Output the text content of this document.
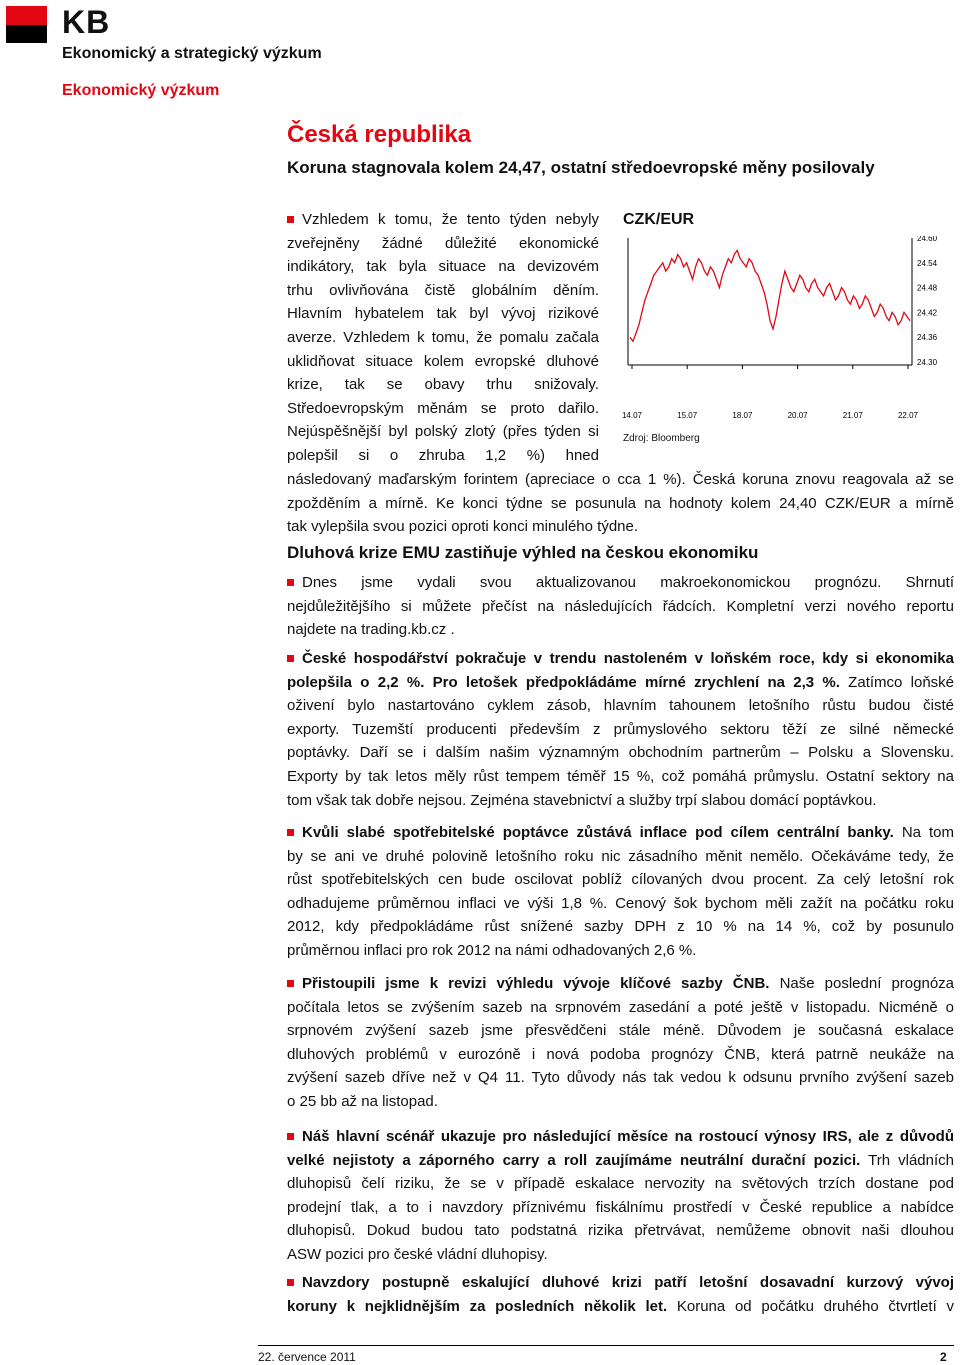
KB
Ekonomický a strategický výzkum
Ekonomický výzkum
Česká republika
Koruna stagnovala kolem 24,47, ostatní středoevropské měny posilovaly
Vzhledem k tomu, že tento týden nebyly
zveřejněny žádné důležité ekonomické
indikátory, tak byla situace na devizovém
trhu ovlivňována čistě globálním děním.
Hlavním hybatelem tak byl vývoj rizikové
averze. Vzhledem k tomu, že pomalu začala
uklidňovat situace kolem evropské dluhové
krize, tak se obavy trhu snižovaly.
Středoevropským měnám se proto dařilo.
Nejúspěšnější byl polský zlotý (přes týden si
polepšil si o zhruba 1,2 %) hned
následovaný maďarským forintem (apreciace o cca 1 %). Česká koruna znovu reagovala až se
zpožděním a mírně. Ke konci týdne se posunula na hodnoty kolem 24,40 CZK/EUR a mírně
tak vylepšila svou pozici oproti konci minulého týdne.
CZK/EUR
24.60
24.54
24.48
24.42
24.36
24.30
14.07	15.07	18.07	20.07	21.07	22.07
Zdroj: Bloomberg
Dluhová krize EMU zastiňuje výhled na českou ekonomiku
Dnes jsme vydali svou aktualizovanou makroekonomickou prognózu. Shrnutí
nejdůležitějšího si můžete přečíst na následujících řádcích. Kompletní verzi nového reportu
najdete na trading.kb.cz .
České hospodářství pokračuje v trendu nastoleném v loňském roce, kdy si ekonomika
polepšila o 2,2 %. Pro letošek předpokládáme mírné zrychlení na 2,3 %. Zatímco loňské
oživení bylo nastartováno cyklem zásob, hlavním tahounem letošního růstu budou čisté
exporty. Tuzemští producenti především z průmyslového sektoru těží ze silné německé
poptávky. Daří se i dalším našim významným obchodním partnerům – Polsku a Slovensku.
Exporty by tak letos měly růst tempem téměř 15 %, což pomáhá průmyslu. Ostatní sektory na
tom však tak dobře nejsou. Zejména stavebnictví a služby trpí slabou domácí poptávkou.
Kvůli slabé spotřebitelské poptávce zůstává inflace pod cílem centrální banky. Na tom
by se ani ve druhé polovině letošního roku nic zásadního měnit nemělo. Očekáváme tedy, že
růst spotřebitelských cen bude oscilovat poblíž cílovaných dvou procent. Za celý letošní rok
odhadujeme průměrnou inflaci ve výši 1,8 %. Cenový šok bychom měli zažít na počátku roku
2012, kdy předpokládáme růst snížené sazby DPH z 10 % na 14 %, což by posunulo
průměrnou inflaci pro rok 2012 na námi odhadovaných 2,6 %.
Přistoupili jsme k revizi výhledu vývoje klíčové sazby ČNB. Naše poslední prognóza
počítala letos se zvýšením sazeb na srpnovém zasedání a poté ještě v listopadu. Nicméně o
srpnovém zvýšení sazeb jsme přesvědčeni stále méně. Důvodem je současná eskalace
dluhových problémů v eurozóně i nová podoba prognózy ČNB, která patrně neukáže na
zvýšení sazeb dříve než v Q4 11. Tyto důvody nás tak vedou k odsunu prvního zvýšení sazeb
o 25 bb až na listopad.
Náš hlavní scénář ukazuje pro následující měsíce na rostoucí výnosy IRS, ale z důvodů
velké nejistoty a záporného carry a roll zaujímáme neutrální durační pozici. Trh vládních
dluhopisů čelí riziku, že se v případě eskalace nervozity na světových trzích dostane pod
prodejní tlak, a to i navzdory příznivému fiskálnímu prostředí v České republice a nabídce
dluhopisů. Dokud budou tato podstatná rizika přetrvávat, nemůžeme obnovit naši dlouhou
ASW pozici pro české vládní dluhopisy.
Navzdory postupně eskalující dluhové krizi patří letošní dosavadní kurzový vývoj
koruny k nejklidnějším za posledních několik let. Koruna od počátku druhého čtvrtletí v
22. července 2011	2
